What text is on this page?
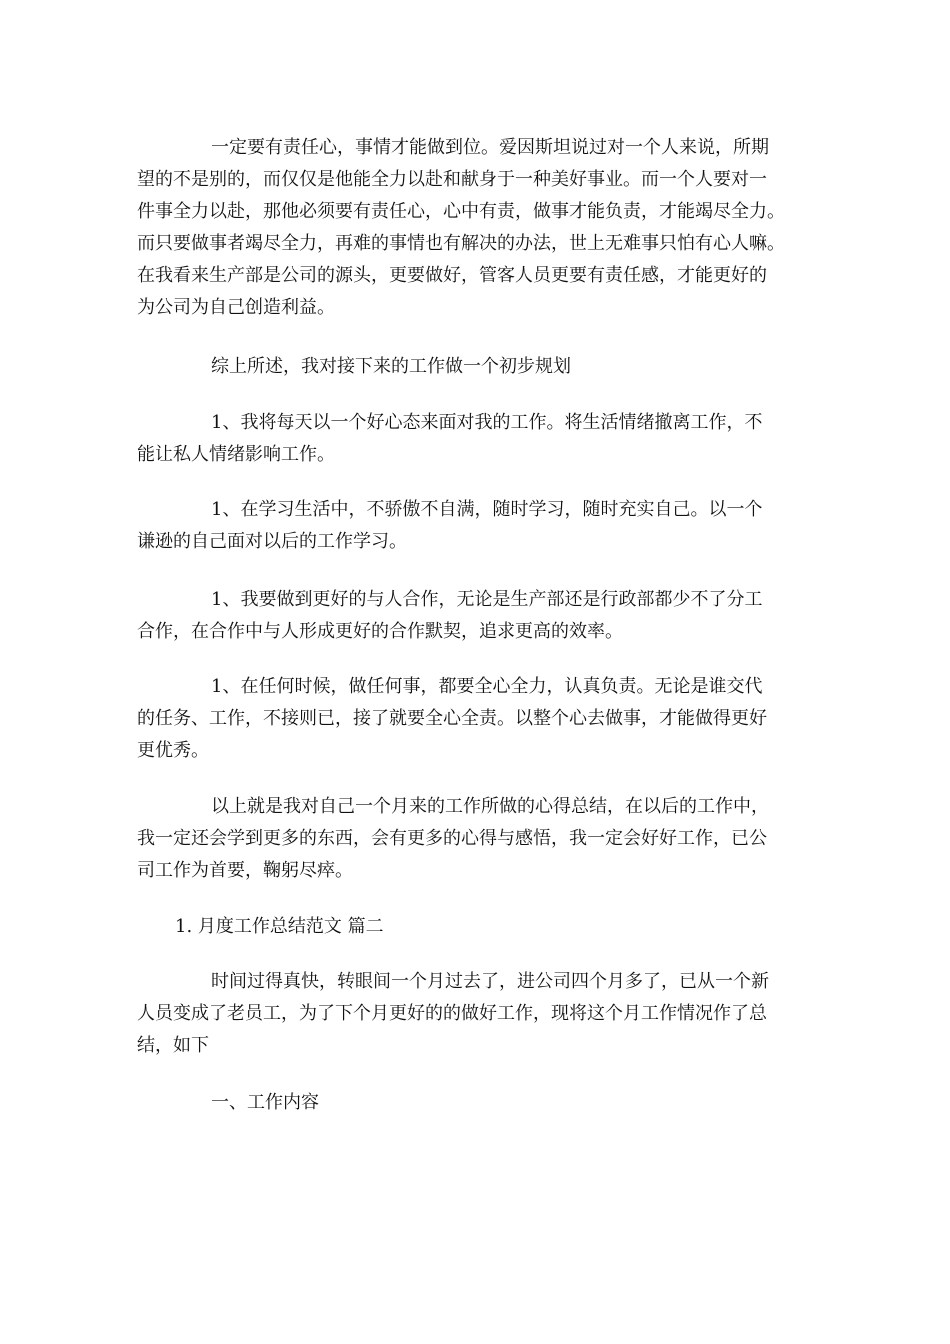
一定要有责任心，事情才能做到位。爱因斯坦说过对一个人来说，所期
望的不是别的，而仅仅是他能全力以赴和献身于一种美好事业。而一个人要对一
件事全力以赴，那他必须要有责任心，心中有责，做事才能负责，才能竭尽全力。
而只要做事者竭尽全力，再难的事情也有解决的办法，世上无难事只怕有心人嘛。
在我看来生产部是公司的源头，更要做好，管客人员更要有责任感，才能更好的
为公司为自己创造利益。

综上所述，我对接下来的工作做一个初步规划

1、我将每天以一个好心态来面对我的工作。将生活情绪撤离工作，不
能让私人情绪影响工作。

1、在学习生活中，不骄傲不自满，随时学习，随时充实自己。以一个
谦逊的自己面对以后的工作学习。

1、我要做到更好的与人合作，无论是生产部还是行政部都少不了分工
合作，在合作中与人形成更好的合作默契，追求更高的效率。

1、在任何时候，做任何事，都要全心全力，认真负责。无论是谁交代
的任务、工作，不接则已，接了就要全心全责。以整个心去做事，才能做得更好
更优秀。

以上就是我对自己一个月来的工作所做的心得总结，在以后的工作中，
我一定还会学到更多的东西，会有更多的心得与感悟，我一定会好好工作，已公
司工作为首要，鞠躬尽瘁。

1. 月度工作总结范文 篇二

时间过得真快，转眼间一个月过去了，进公司四个月多了，已从一个新
人员变成了老员工，为了下个月更好的的做好工作，现将这个月工作情况作了总
结，如下

一、工作内容
